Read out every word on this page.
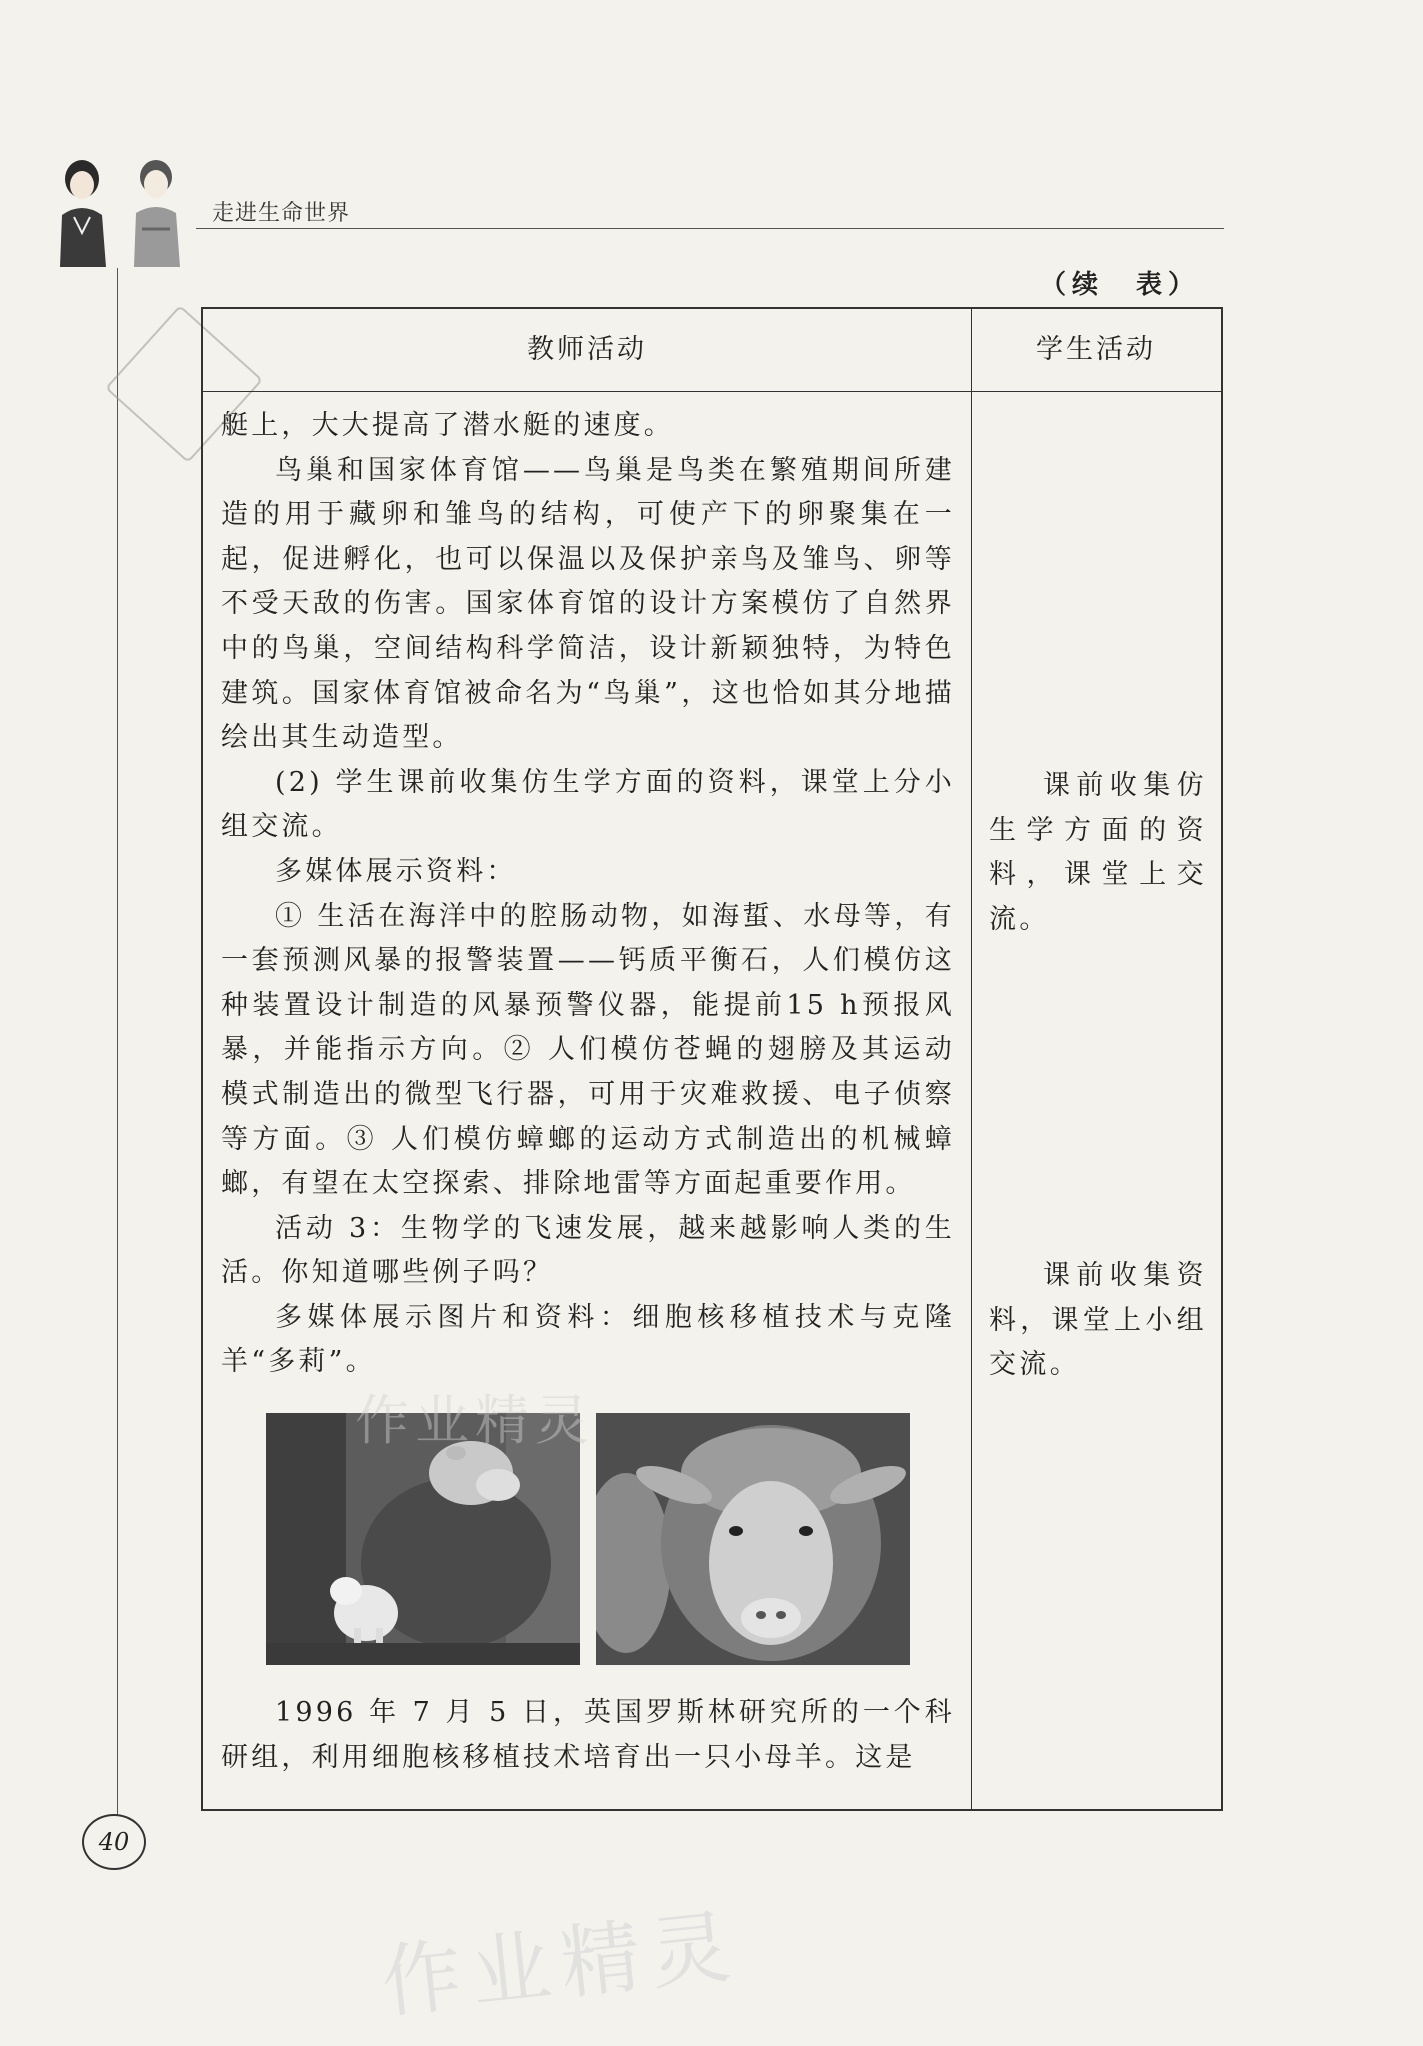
走进生命世界
（续　表）
教师活动	学生活动

艇上，大大提高了潜水艇的速度。

鸟巢和国家体育馆——鸟巢是鸟类在繁殖期间所建造的用于藏卵和雏鸟的结构，可使产下的卵聚集在一起，促进孵化，也可以保温以及保护亲鸟及雏鸟、卵等不受天敌的伤害。国家体育馆的设计方案模仿了自然界中的鸟巢，空间结构科学简洁，设计新颖独特，为特色建筑。国家体育馆被命名为“鸟巢”，这也恰如其分地描绘出其生动造型。

(2) 学生课前收集仿生学方面的资料，课堂上分小组交流。

多媒体展示资料：

① 生活在海洋中的腔肠动物，如海蜇、水母等，有一套预测风暴的报警装置——钙质平衡石，人们模仿这种装置设计制造的风暴预警仪器，能提前15 h预报风暴，并能指示方向。② 人们模仿苍蝇的翅膀及其运动模式制造出的微型飞行器，可用于灾难救援、电子侦察等方面。③ 人们模仿蟑螂的运动方式制造出的机械蟑螂，有望在太空探索、排除地雷等方面起重要作用。

活动 3：生物学的飞速发展，越来越影响人类的生活。你知道哪些例子吗？

多媒体展示图片和资料：细胞核移植技术与克隆羊“多莉”。

1996 年 7 月 5 日，英国罗斯林研究所的一个科研组，利用细胞核移植技术培育出一只小母羊。这是

课前收集仿生学方面的资料，课堂上交流。

课前收集资料，课堂上小组交流。

作业精灵
40
作业精灵
